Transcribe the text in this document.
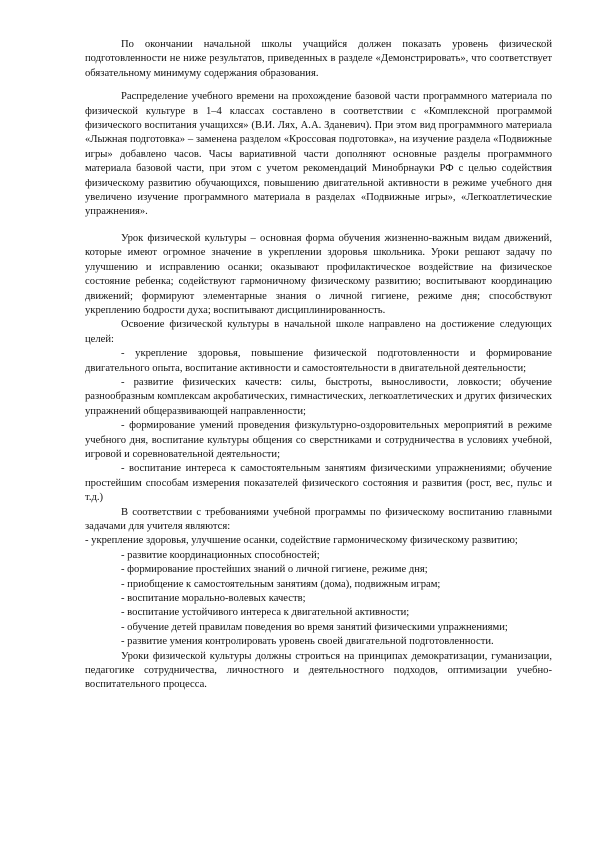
По окончании начальной школы учащийся должен показать уровень физической подготовленности не ниже результатов, приведенных в разделе «Демонстрировать», что соответствует обязательному минимуму содержания образования.

Распределение учебного времени на прохождение базовой части программного материала по физической культуре в 1–4 классах составлено в соответствии с «Комплексной программой физического воспитания учащихся» (В.И. Лях, А.А. Зданевич). При этом вид программного материала «Лыжная подготовка» – заменена разделом «Кроссовая подготовка», на изучение раздела «Подвижные игры» добавлено часов. Часы вариативной части дополняют основные разделы программного материала базовой части, при этом с учетом рекомендаций Минобрнауки РФ с целью содействия физическому развитию обучающихся, повышению двигательной активности в режиме учебного дня увеличено изучение программного материала в разделах «Подвижные игры», «Легкоатлетические упражнения».

Урок физической культуры – основная форма обучения жизненно-важным видам движений, которые имеют огромное значение в укреплении здоровья школьника. Уроки решают задачу по улучшению и исправлению осанки; оказывают профилактическое воздействие на физическое состояние ребенка; содействуют гармоничному физическому развитию; воспитывают координацию движений; формируют элементарные знания о личной гигиене, режиме дня; способствуют укреплению бодрости духа; воспитывают дисциплинированность.

Освоение физической культуры в начальной школе направлено на достижение следующих целей:

- укрепление здоровья, повышение физической подготовленности и формирование двигательного опыта, воспитание активности и самостоятельности в двигательной деятельности;

- развитие физических качеств: силы, быстроты, выносливости, ловкости; обучение разнообразным комплексам акробатических, гимнастических, легкоатлетических и других физических упражнений общеразвивающей направленности;

- формирование умений проведения физкультурно-оздоровительных мероприятий в режиме учебного дня, воспитание культуры общения со сверстниками и сотрудничества в условиях учебной, игровой и соревновательной деятельности;

- воспитание интереса к самостоятельным занятиям физическими упражнениями; обучение простейшим способам измерения показателей физического состояния и развития (рост, вес, пульс и т.д.)

В соответствии с требованиями учебной программы по физическому воспитанию главными задачами для учителя являются:

- укрепление здоровья, улучшение осанки, содействие гармоническому физическому развитию;

- развитие координационных способностей;

- формирование простейших знаний о личной гигиене, режиме дня;

- приобщение к самостоятельным занятиям (дома), подвижным играм;

- воспитание морально-волевых качеств;

- воспитание устойчивого интереса к двигательной активности;

- обучение детей правилам поведения во время занятий физическими упражнениями;

- развитие умения контролировать уровень своей двигательной подготовленности.

Уроки физической культуры должны строиться на принципах демократизации, гуманизации, педагогике сотрудничества, личностного и деятельностного подходов, оптимизации учебно-воспитательного процесса.
